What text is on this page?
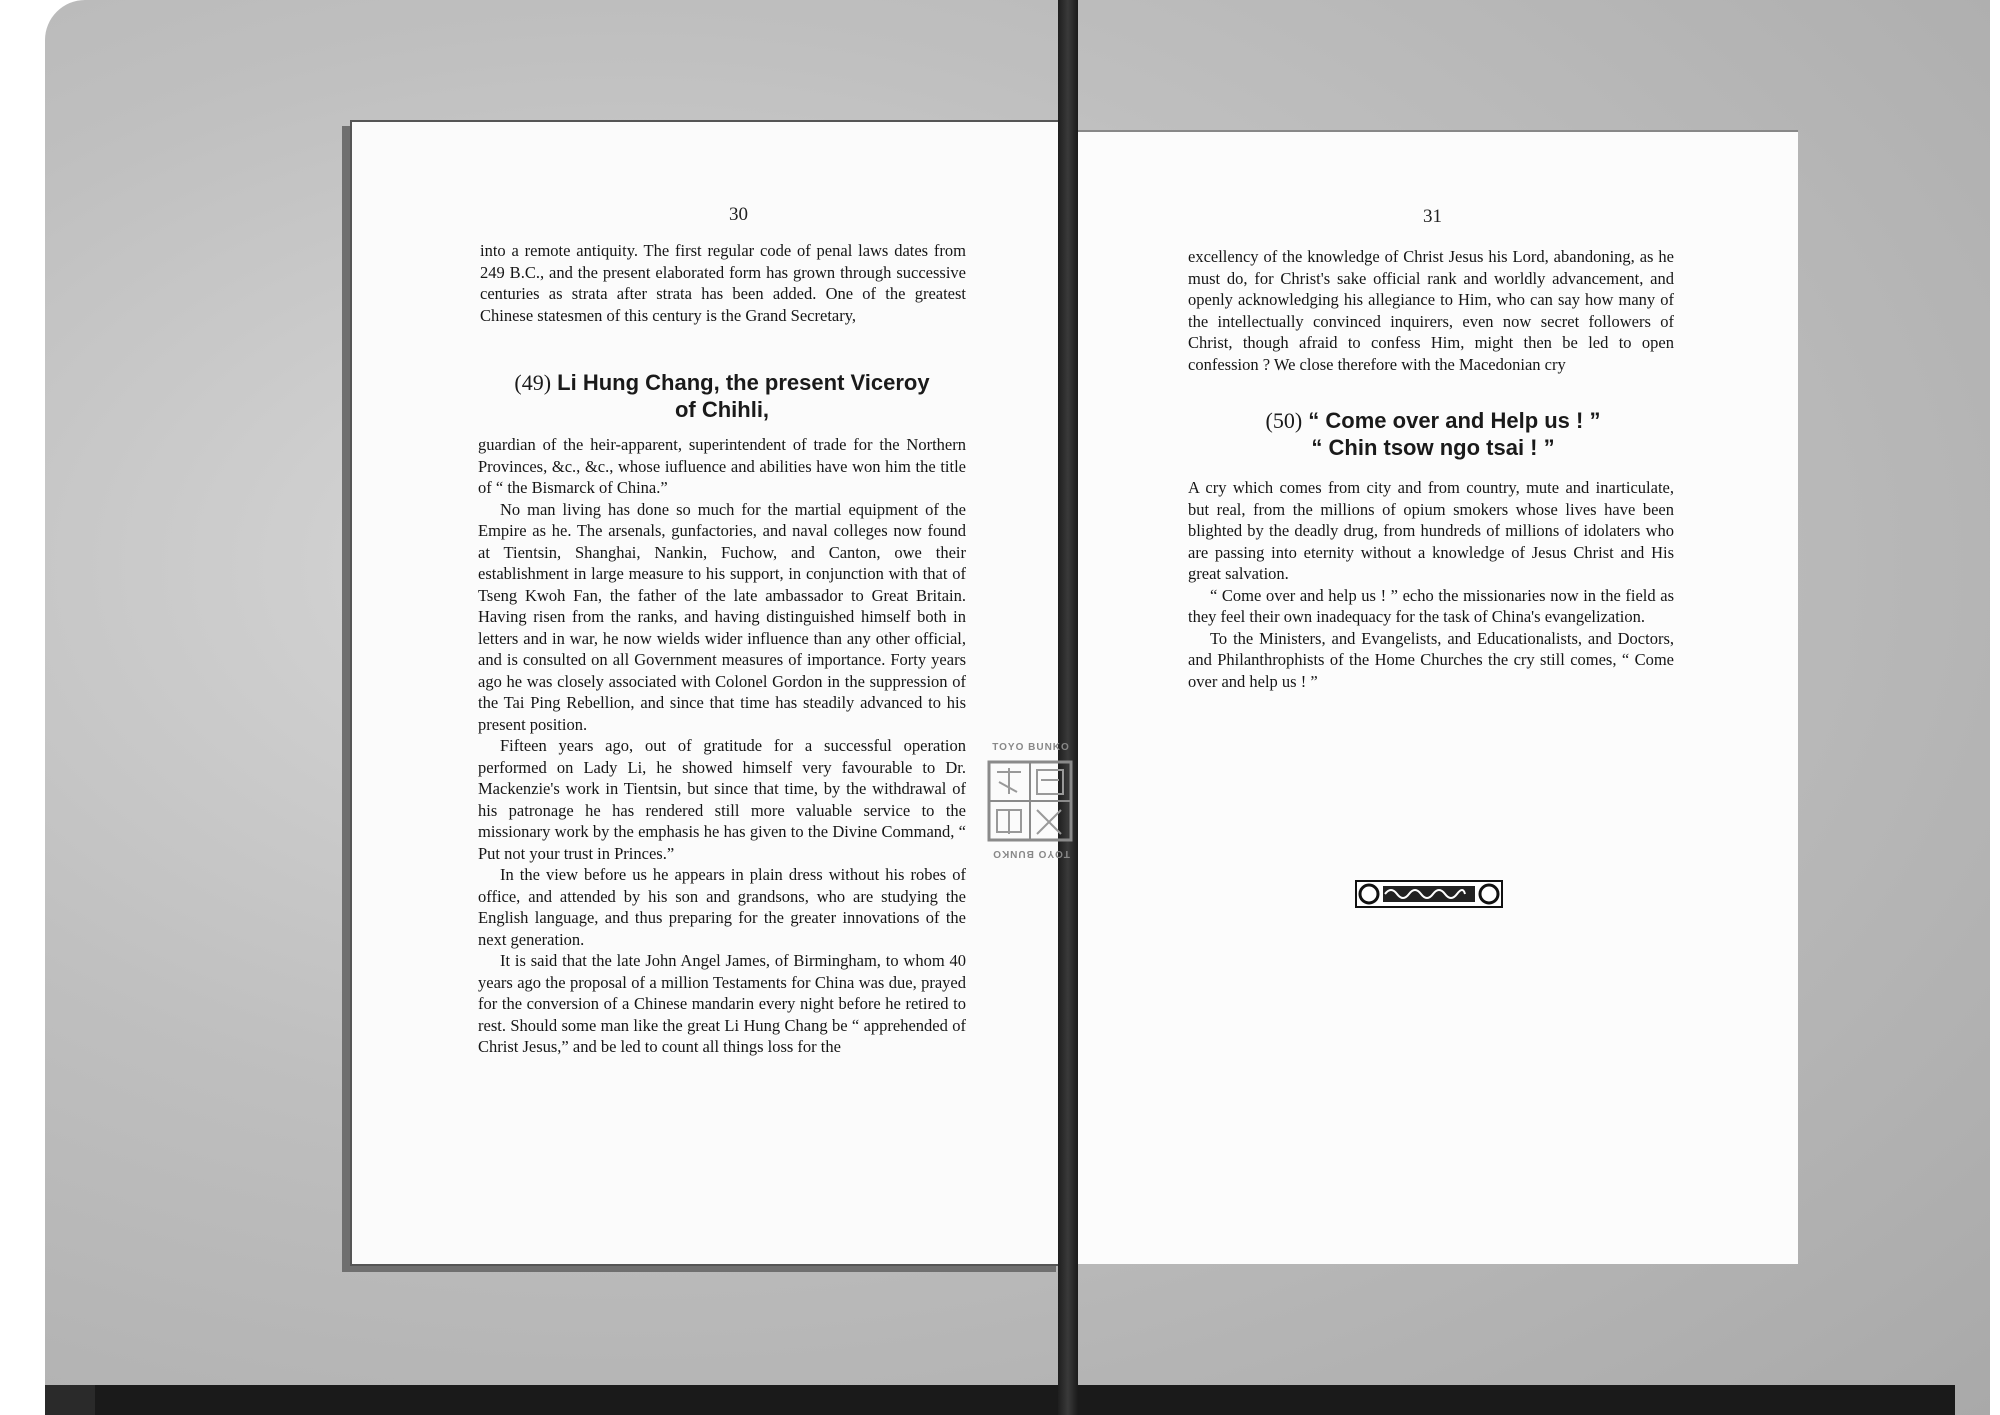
30

into a remote antiquity. The first regular code of penal laws dates from 249 B.C., and the present elaborated form has grown through successive centuries as strata after strata has been added. One of the greatest Chinese statesmen of this century is the Grand Secretary,

(49) Li Hung Chang, the present Viceroy
of Chihli,

guardian of the heir-apparent, superintendent of trade for the Northern Provinces, &c., &c., whose iufluence and abilities have won him the title of “ the Bismarck of China.”

No man living has done so much for the martial equipment of the Empire as he. The arsenals, gunfactories, and naval colleges now found at Tientsin, Shanghai, Nankin, Fuchow, and Canton, owe their establishment in large measure to his support, in conjunction with that of Tseng Kwoh Fan, the father of the late ambassador to Great Britain. Having risen from the ranks, and having distinguished himself both in letters and in war, he now wields wider influence than any other official, and is consulted on all Government measures of importance. Forty years ago he was closely associated with Colonel Gordon in the suppression of the Tai Ping Rebellion, and since that time has steadily advanced to his present position.

Fifteen years ago, out of gratitude for a successful operation performed on Lady Li, he showed himself very favourable to Dr. Mackenzie's work in Tientsin, but since that time, by the withdrawal of his patronage he has rendered still more valuable service to the missionary work by the emphasis he has given to the Divine Command, “ Put not your trust in Princes.”

In the view before us he appears in plain dress without his robes of office, and attended by his son and grandsons, who are studying the English language, and thus preparing for the greater innovations of the next generation.

It is said that the late John Angel James, of Birmingham, to whom 40 years ago the proposal of a million Testaments for China was due, prayed for the conversion of a Chinese mandarin every night before he retired to rest. Should some man like the great Li Hung Chang be “ apprehended of Christ Jesus,” and be led to count all things loss for the

31

excellency of the knowledge of Christ Jesus his Lord, abandoning, as he must do, for Christ's sake official rank and worldly advancement, and openly acknowledging his allegiance to Him, who can say how many of the intellectually convinced inquirers, even now secret followers of Christ, though afraid to confess Him, might then be led to open confession ? We close therefore with the Macedonian cry

(50) “ Come over and Help us ! ”
“ Chin tsow ngo tsai ! ”

A cry which comes from city and from country, mute and inarticulate, but real, from the millions of opium smokers whose lives have been blighted by the deadly drug, from hundreds of millions of idolaters who are passing into eternity without a knowledge of Jesus Christ and His great salvation.

“ Come over and help us ! ” echo the missionaries now in the field as they feel their own inadequacy for the task of China's evangelization.

To the Ministers, and Evangelists, and Educationalists, and Doctors, and Philanthrophists of the Home Churches the cry still comes, “ Come over and help us ! ”

TOYO BUNKO
TOYO BUNKO
